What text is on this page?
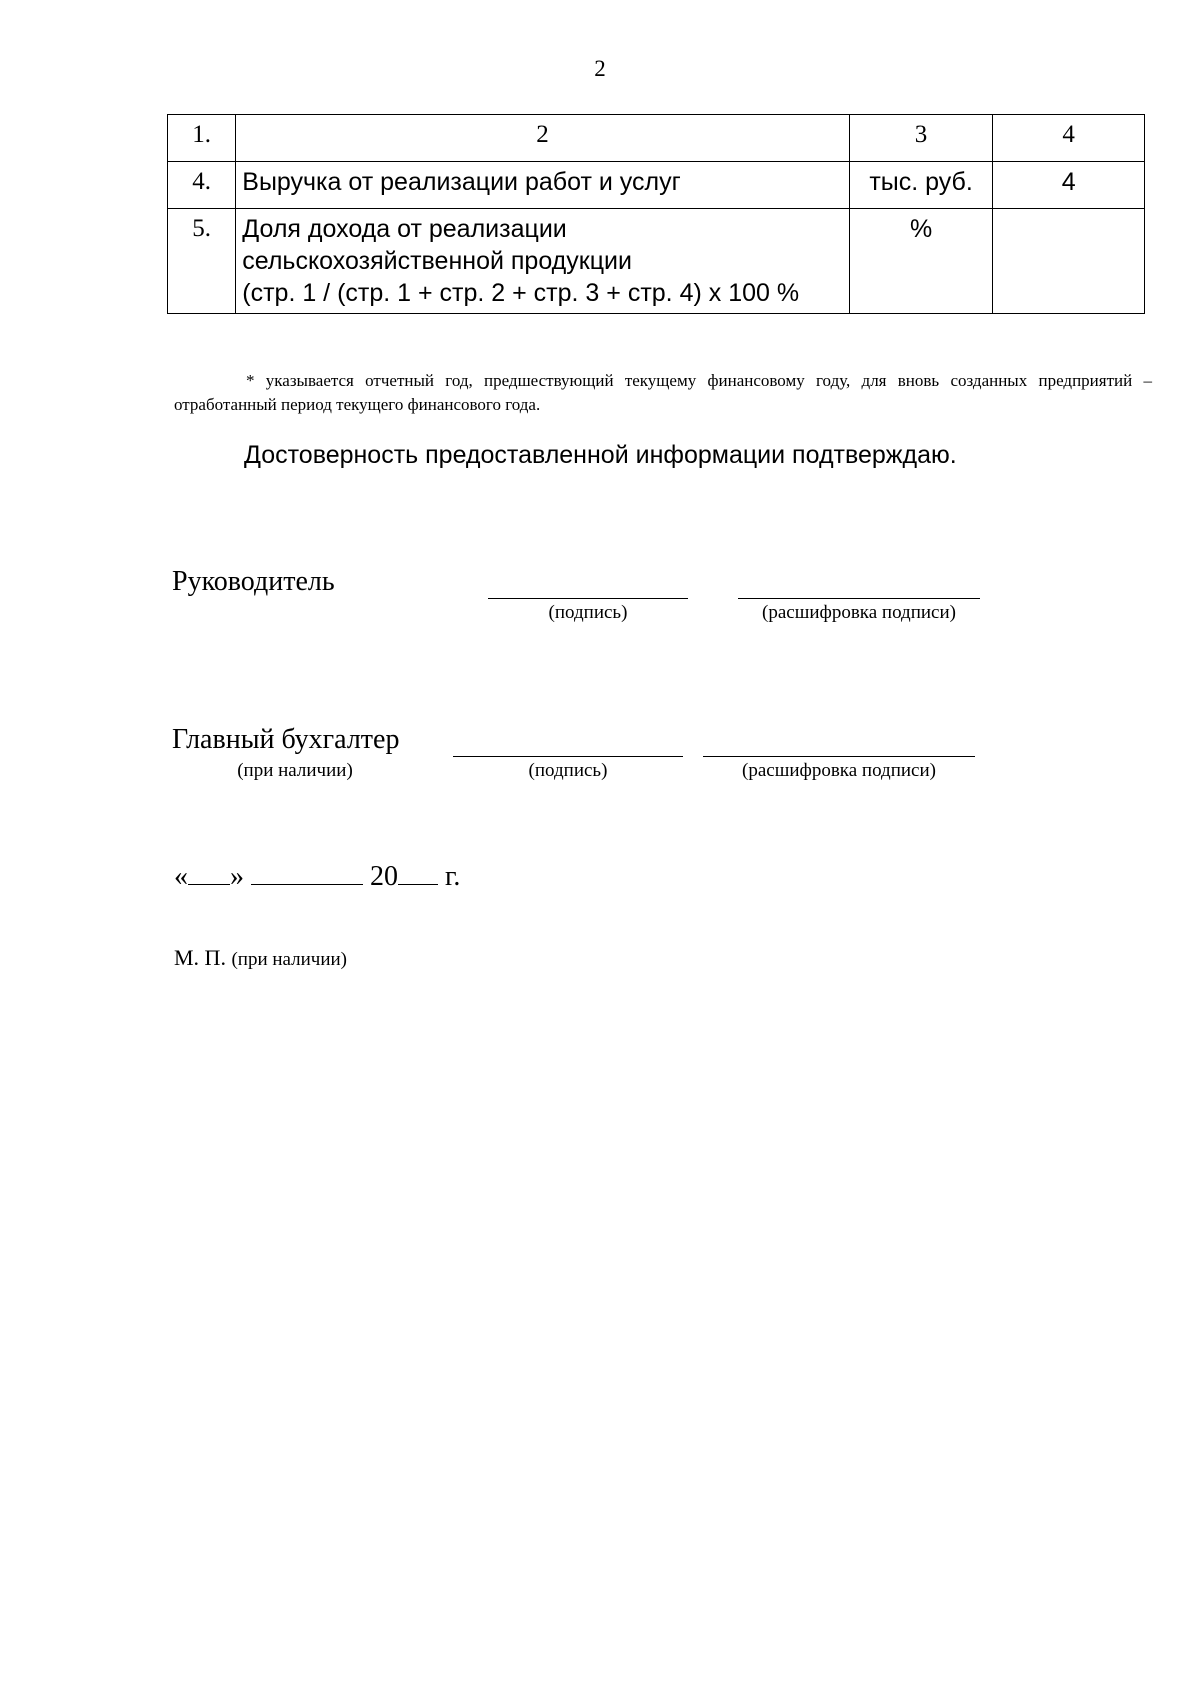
2
1.	2	3	4
4.	Выручка от реализации работ и услуг	тыс. руб.	4
5.	Доля дохода от реализации
сельскохозяйственной продукции
(стр. 1 / (стр. 1 + стр. 2 + стр. 3 + стр. 4) х 100 %	%	
* указывается отчетный год, предшествующий текущему финансовому году, для вновь созданных предприятий – отработанный период текущего финансового года.
Достоверность предоставленной информации подтверждаю.
Руководитель
(подпись)	(расшифровка подписи)
Главный бухгалтер
(при наличии)	(подпись)	(расшифровка подписи)
« »	20 г.
М. П. (при наличии)
